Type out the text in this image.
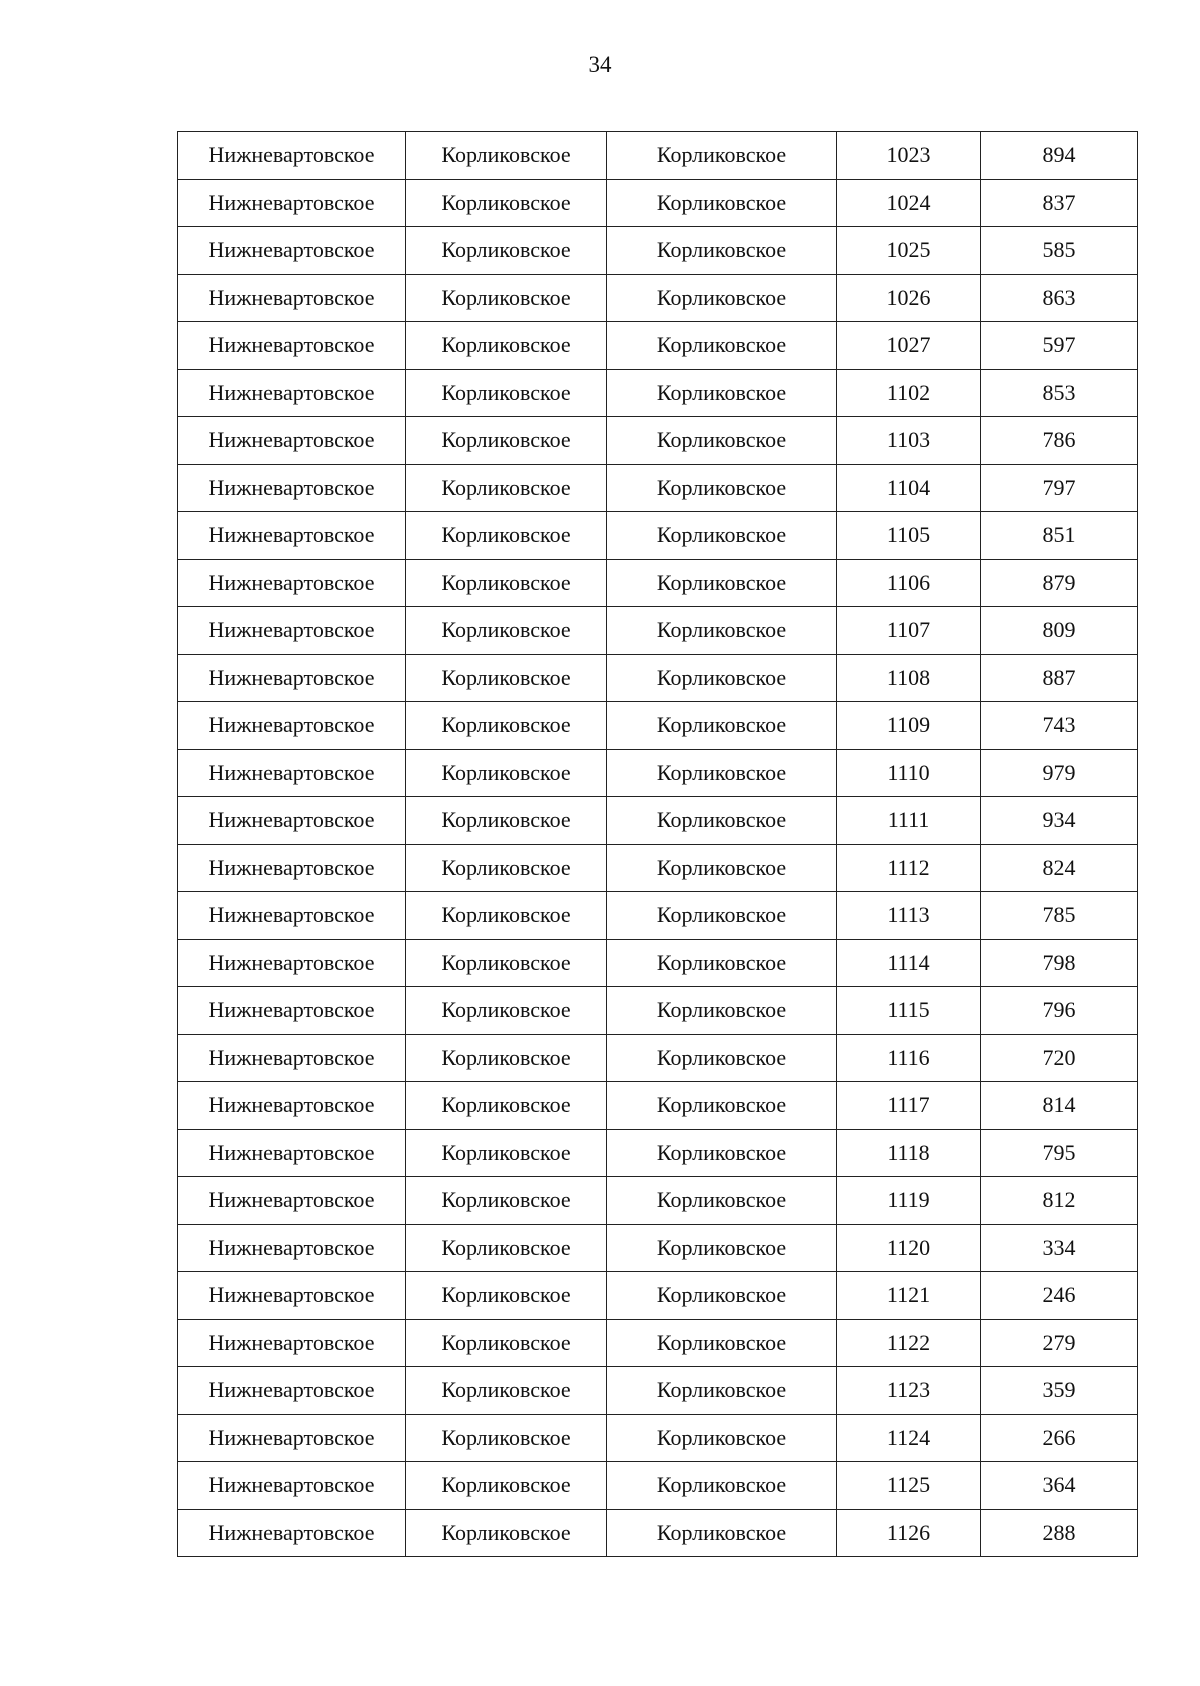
34
Нижневартовское	Корликовское	Корликовское	1023	894
Нижневартовское	Корликовское	Корликовское	1024	837
Нижневартовское	Корликовское	Корликовское	1025	585
Нижневартовское	Корликовское	Корликовское	1026	863
Нижневартовское	Корликовское	Корликовское	1027	597
Нижневартовское	Корликовское	Корликовское	1102	853
Нижневартовское	Корликовское	Корликовское	1103	786
Нижневартовское	Корликовское	Корликовское	1104	797
Нижневартовское	Корликовское	Корликовское	1105	851
Нижневартовское	Корликовское	Корликовское	1106	879
Нижневартовское	Корликовское	Корликовское	1107	809
Нижневартовское	Корликовское	Корликовское	1108	887
Нижневартовское	Корликовское	Корликовское	1109	743
Нижневартовское	Корликовское	Корликовское	1110	979
Нижневартовское	Корликовское	Корликовское	1111	934
Нижневартовское	Корликовское	Корликовское	1112	824
Нижневартовское	Корликовское	Корликовское	1113	785
Нижневартовское	Корликовское	Корликовское	1114	798
Нижневартовское	Корликовское	Корликовское	1115	796
Нижневартовское	Корликовское	Корликовское	1116	720
Нижневартовское	Корликовское	Корликовское	1117	814
Нижневартовское	Корликовское	Корликовское	1118	795
Нижневартовское	Корликовское	Корликовское	1119	812
Нижневартовское	Корликовское	Корликовское	1120	334
Нижневартовское	Корликовское	Корликовское	1121	246
Нижневартовское	Корликовское	Корликовское	1122	279
Нижневартовское	Корликовское	Корликовское	1123	359
Нижневартовское	Корликовское	Корликовское	1124	266
Нижневартовское	Корликовское	Корликовское	1125	364
Нижневартовское	Корликовское	Корликовское	1126	288
